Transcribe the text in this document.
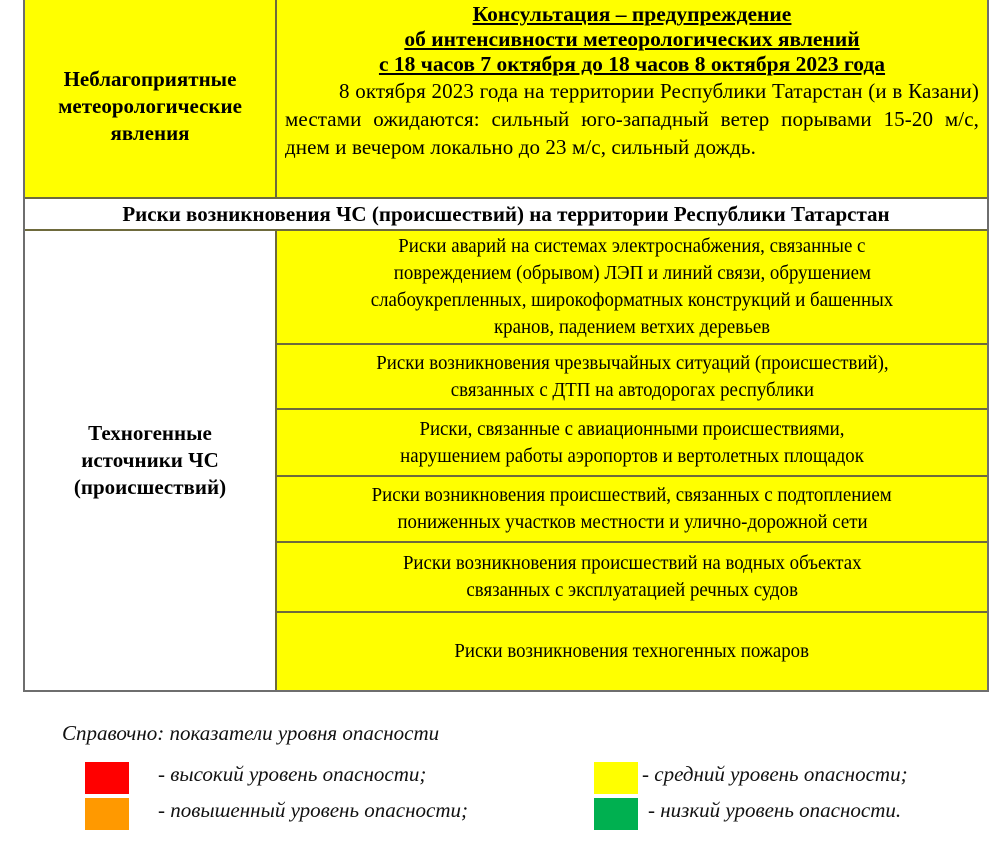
Неблагоприятные
метеорологические
явления
Консультация – предупреждение
об интенсивности метеорологических явлений
с 18 часов 7 октября до 18 часов 8 октября 2023 года
8 октября 2023 года на территории Республики Татарстан (и в Казани) местами ожидаются: сильный юго-западный ветер порывами 15-20 м/с, днем и вечером локально до 23 м/с, сильный дождь.
Риски возникновения ЧС (происшествий) на территории Республики Татарстан
Техногенные
источники ЧС
(происшествий)
Риски аварий на системах электроснабжения, связанные с
повреждением (обрывом) ЛЭП и линий связи, обрушением
слабоукрепленных, широкоформатных конструкций и башенных
кранов, падением ветхих деревьев
Риски возникновения чрезвычайных ситуаций (происшествий),
связанных с ДТП на автодорогах республики
Риски, связанные с авиационными происшествиями,
нарушением работы аэропортов и вертолетных площадок
Риски возникновения происшествий, связанных с подтоплением
пониженных участков местности и улично-дорожной сети
Риски возникновения происшествий на водных объектах
связанных с эксплуатацией речных судов
Риски возникновения техногенных пожаров
Справочно: показатели уровня опасности
- высокий уровень опасности;
- повышенный уровень опасности;
- средний уровень опасности;
- низкий уровень опасности.
